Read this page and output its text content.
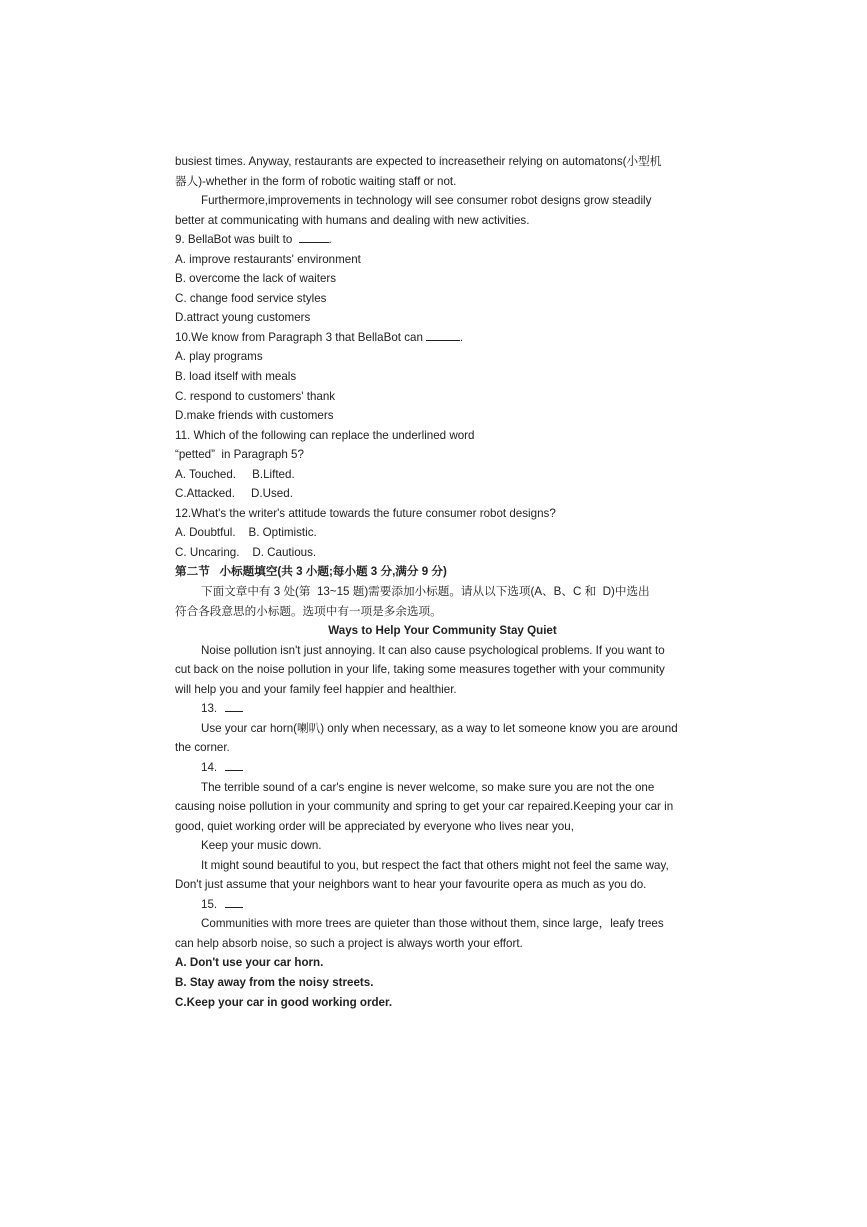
busiest times. Anyway, restaurants are expected to increasetheir relying on automatons(小型机
器人)-whether in the form of robotic waiting staff or not.
Furthermore,improvements in technology will see consumer robot designs grow steadily
better at communicating with humans and dealing with new activities.
9. BellaBot was built to	.
A. improve restaurants' environment
B. overcome the lack of waiters
C. change food service styles
D.attract young customers
10.We know from Paragraph 3 that BellaBot can	.
A. play programs
B. load itself with meals
C. respond to customers' thank
D.make friends with customers
11. Which of the following can replace the underlined word
“petted”  in Paragraph 5?
A. Touched.     B.Lifted.
C.Attacked.     D.Used.
12.What's the writer's attitude towards the future consumer robot designs?
A. Doubtful.    B. Optimistic.
C. Uncaring.    D. Cautious.
第二节   小标题填空(共 3 小题;每小题 3 分,满分 9 分)
下面文章中有 3 处(第  13~15 题)需要添加小标题。请从以下选项(A、B、C 和  D)中选出
符合各段意思的小标题。选项中有一项是多余选项。
Ways to Help Your Community Stay Quiet
Noise pollution isn't just annoying. It can also cause psychological problems. If you want to
cut back on the noise pollution in your life, taking some measures together with your community
will help you and your family feel happier and healthier.
13.
Use your car horn(喇叭) only when necessary, as a way to let someone know you are around
the corner.
14.
The terrible sound of a car's engine is never welcome, so make sure you are not the one
causing noise pollution in your community and spring to get your car repaired.Keeping your car in
good, quiet working order will be appreciated by everyone who lives near you,
Keep your music down.
It might sound beautiful to you, but respect the fact that others might not feel the same way,
Don't just assume that your neighbors want to hear your favourite opera as much as you do.
15.
Communities with more trees are quieter than those without them, since large，leafy trees
can help absorb noise, so such a project is always worth your effort.
A. Don't use your car horn.
B. Stay away from the noisy streets.
C.Keep your car in good working order.
